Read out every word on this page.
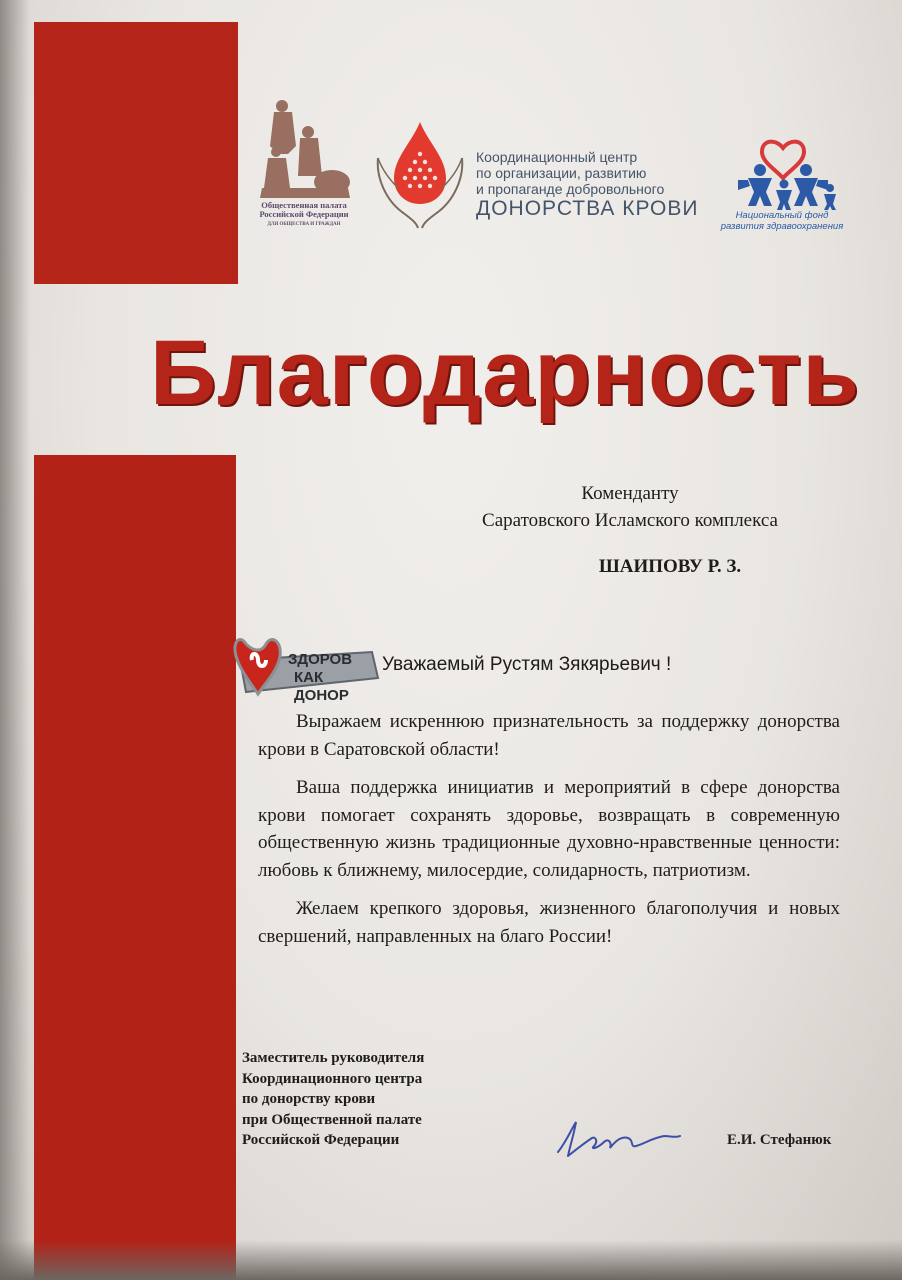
Общественная палата
Российской Федерации
ДЛЯ ОБЩЕСТВА И ГРАЖДАН
Координационный центр
по организации, развитию
и пропаганде добровольного
ДОНОРСТВА КРОВИ	Национальный фонд
развития здравоохранения
Благодарность
Коменданту
Саратовского Исламского комплекса
ШАИПОВУ Р. З.
ЗДОРОВ
КАК
ДОНОР
Уважаемый Рустям Зякярьевич !

Выражаем искреннюю признательность за поддержку донорства крови в Саратовской области!

Ваша поддержка инициатив и мероприятий в сфере донорства крови помогает сохранять здоровье, возвращать в современную общественную жизнь традиционные духовно-нравственные ценности: любовь к ближнему, милосердие, солидарность, патриотизм.

Желаем крепкого здоровья, жизненного благополучия и новых свершений, направленных на благо России!

Заместитель руководителя
Координационного центра
по донорству крови
при Общественной палате
Российской Федерации	Е.И. Стефанюк
